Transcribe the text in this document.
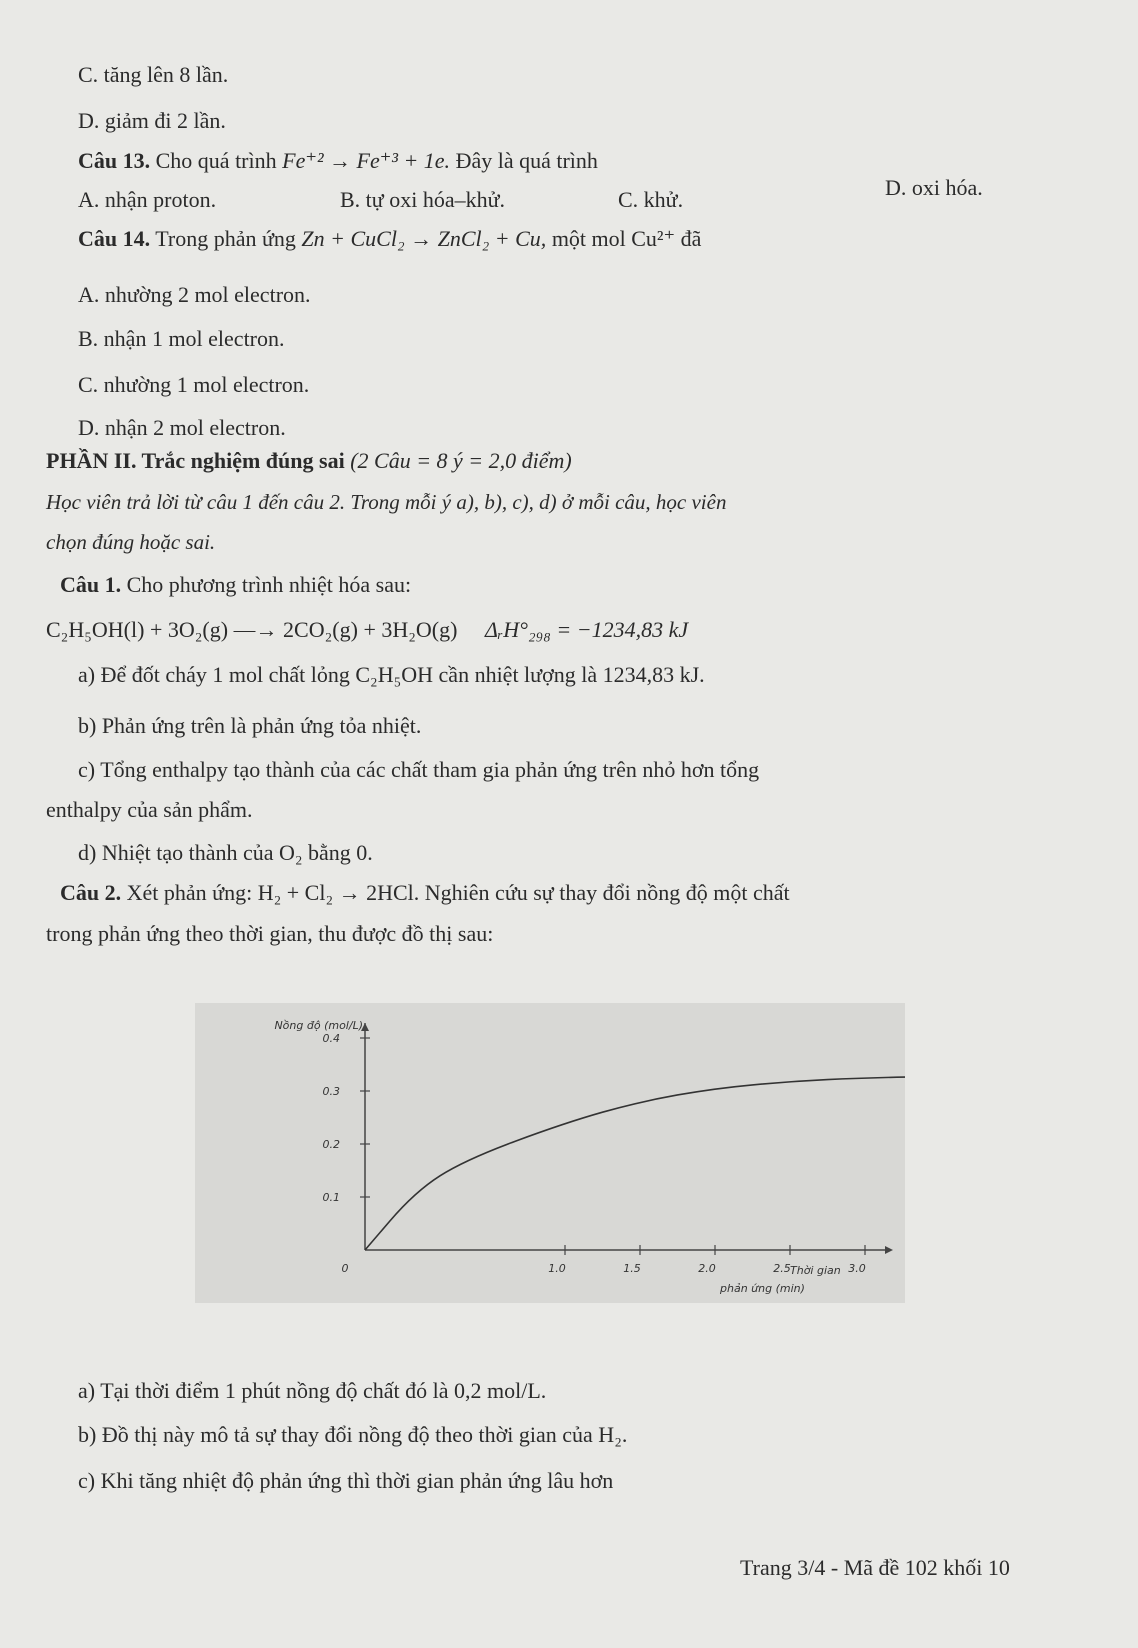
C. tăng lên 8 lần.
D. giảm đi 2 lần.
Câu 13. Cho quá trình Fe⁺² → Fe⁺³ + 1e. Đây là quá trình
A. nhận proton.	B. tự oxi hóa–khử.	C. khử.	D. oxi hóa.
Câu 14. Trong phản ứng Zn + CuCl₂ → ZnCl₂ + Cu, một mol Cu²⁺ đã
A. nhường 2 mol electron.
B. nhận 1 mol electron.
C. nhường 1 mol electron.
D. nhận 2 mol electron.
PHẦN II. Trắc nghiệm đúng sai (2 Câu = 8 ý = 2,0 điểm)
Học viên trả lời từ câu 1 đến câu 2. Trong mỗi ý a), b), c), d) ở mỗi câu, học viên
chọn đúng hoặc sai.
Câu 1. Cho phương trình nhiệt hóa sau:
C₂H₅OH(l) + 3O₂(g) ⎯⎯→ 2CO₂(g) + 3H₂O(g) ΔᵣH°₂₉₈ = −1234,83 kJ
a) Để đốt cháy 1 mol chất lỏng C₂H₅OH cần nhiệt lượng là 1234,83 kJ.
b) Phản ứng trên là phản ứng tỏa nhiệt.
c) Tổng enthalpy tạo thành của các chất tham gia phản ứng trên nhỏ hơn tổng
enthalpy của sản phẩm.
d) Nhiệt tạo thành của O₂ bằng 0.
Câu 2. Xét phản ứng: H₂ + Cl₂ → 2HCl. Nghiên cứu sự thay đổi nồng độ một chất
trong phản ứng theo thời gian, thu được đồ thị sau:
0.1
0.2
0.3
0.4
0	1.0	1.5	2.0	2.5	3.0
Nồng độ (mol/L)
Thời gian
phản ứng (min)
a) Tại thời điểm 1 phút nồng độ chất đó là 0,2 mol/L.
b) Đồ thị này mô tả sự thay đổi nồng độ theo thời gian của H₂.
c) Khi tăng nhiệt độ phản ứng thì thời gian phản ứng lâu hơn
Trang 3/4 - Mã đề 102 khối 10
